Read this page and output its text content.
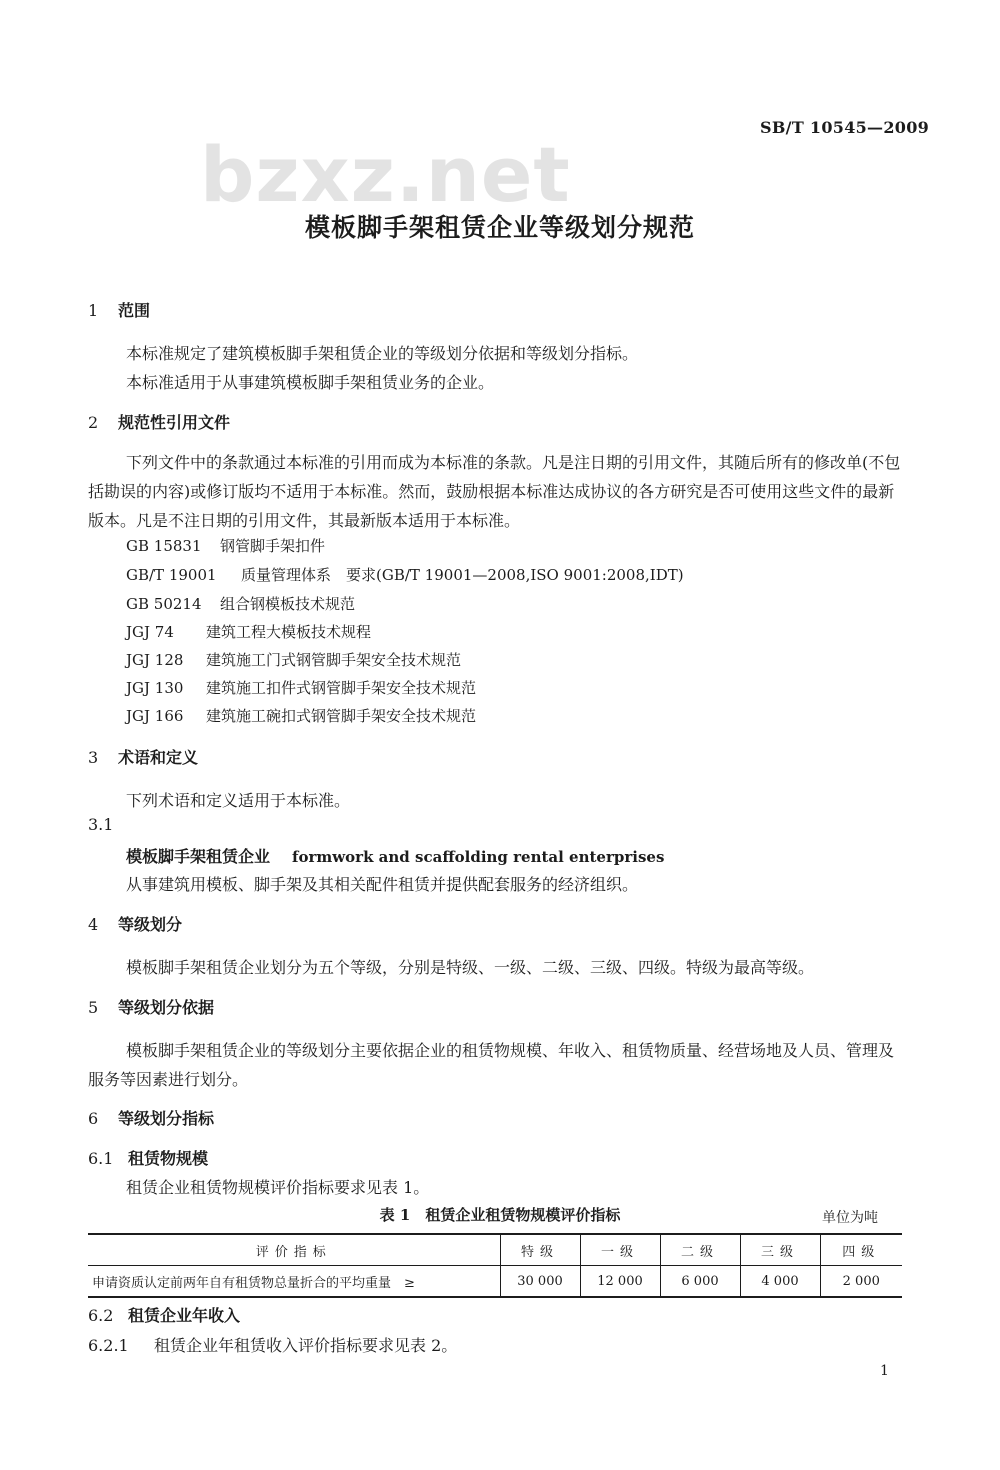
SB/T 10545—2009
bzxz.net
模板脚手架租赁企业等级划分规范
1 范围
本标准规定了建筑模板脚手架租赁企业的等级划分依据和等级划分指标。
本标准适用于从事建筑模板脚手架租赁业务的企业。
2 规范性引用文件
下列文件中的条款通过本标准的引用而成为本标准的条款。凡是注日期的引用文件，其随后所有的修改单(不包括勘误的内容)或修订版均不适用于本标准。然而，鼓励根据本标准达成协议的各方研究是否可使用这些文件的最新版本。凡是不注日期的引用文件，其最新版本适用于本标准。
GB 15831 钢管脚手架扣件
GB/T 19001 质量管理体系　要求(GB/T 19001—2008,ISO 9001:2008,IDT)
GB 50214 组合钢模板技术规范
JGJ 74 建筑工程大模板技术规程
JGJ 128 建筑施工门式钢管脚手架安全技术规范
JGJ 130 建筑施工扣件式钢管脚手架安全技术规范
JGJ 166 建筑施工碗扣式钢管脚手架安全技术规范
3 术语和定义
下列术语和定义适用于本标准。
3.1
模板脚手架租赁企业 formwork and scaffolding rental enterprises
从事建筑用模板、脚手架及其相关配件租赁并提供配套服务的经济组织。
4 等级划分
模板脚手架租赁企业划分为五个等级，分别是特级、一级、二级、三级、四级。特级为最高等级。
5 等级划分依据
模板脚手架租赁企业的等级划分主要依据企业的租赁物规模、年收入、租赁物质量、经营场地及人员、管理及服务等因素进行划分。
6 等级划分指标
6.1 租赁物规模
租赁企业租赁物规模评价指标要求见表 1。
表 1　租赁企业租赁物规模评价指标	单位为吨
评价指标	特级	一级	二级	三级	四级
申请资质认定前两年自有租赁物总量折合的平均重量　≥	30 000	12 000	6 000	4 000	2 000
6.2 租赁企业年收入
6.2.1 租赁企业年租赁收入评价指标要求见表 2。
1
